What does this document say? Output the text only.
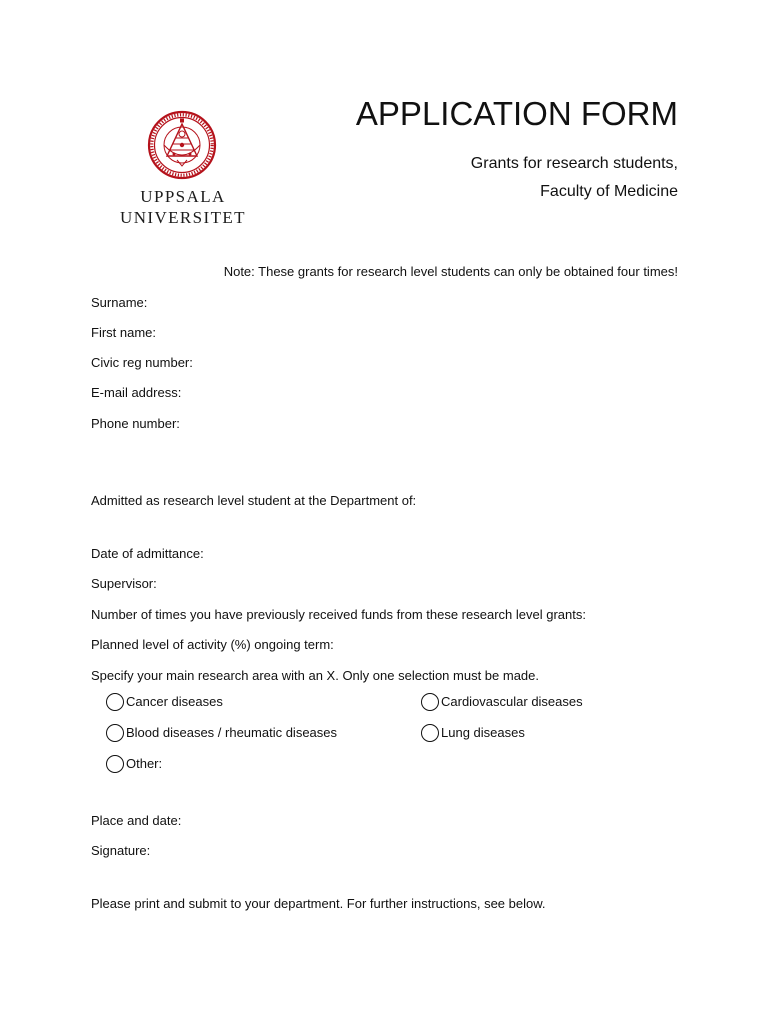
UPPSALA
UNIVERSITET
APPLICATION FORM
Grants for research students,
Faculty of Medicine
Note: These grants for research level students can only be obtained four times!
Surname:
First name:
Civic reg number:
E-mail address:
Phone number:
Admitted as research level student at the Department of:
Date of admittance:
Supervisor:
Number of times you have previously received funds from these research level grants:
Planned level of activity (%) ongoing term:
Specify your main research area with an X. Only one selection must be made.
Cancer diseases	Cardiovascular diseases
Blood diseases / rheumatic diseases	Lung diseases
Other:
Place and date:
Signature:
Please print and submit to your department. For further instructions, see below.
